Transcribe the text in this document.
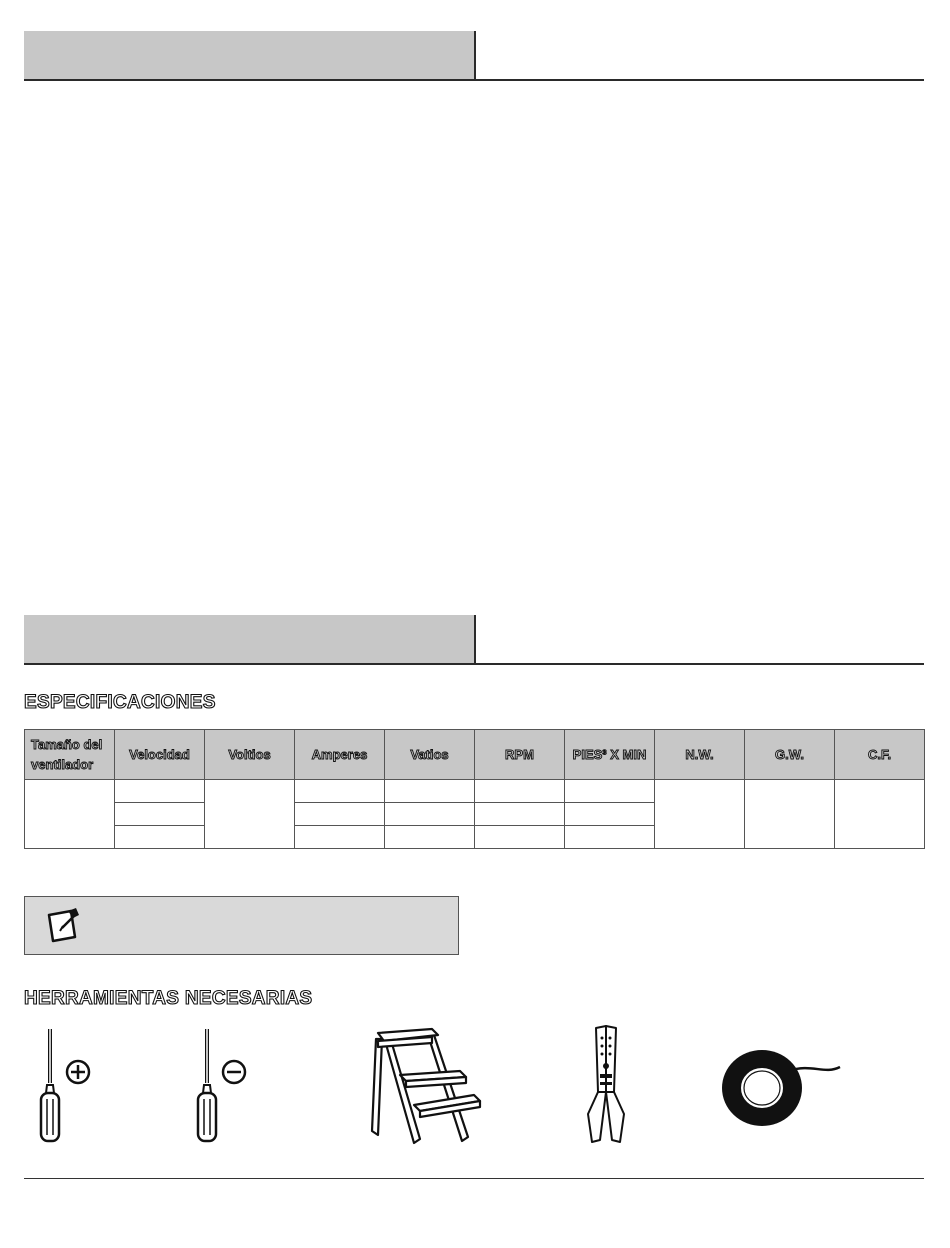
ESPECIFICACIONES
Tamaño del ventilador	Velocidad	Voltios	Amperes	Vatios	RPM	PIES³ X MIN	N.W.	G.W.	C.F.

HERRAMIENTAS NECESARIAS
